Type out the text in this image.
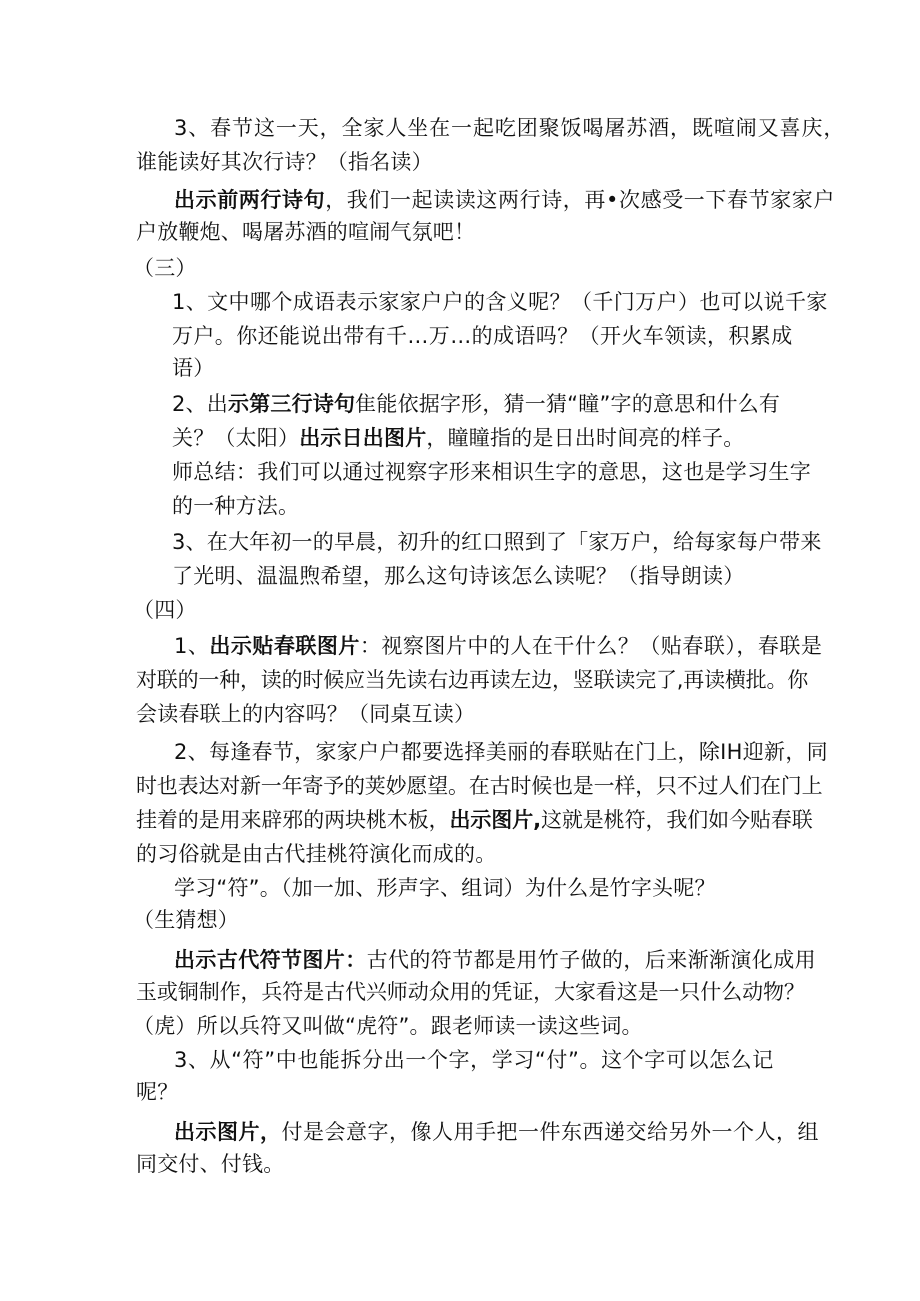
3、春节这一天，全家人坐在一起吃团聚饭喝屠苏酒，既喧闹又喜庆，
谁能读好其次行诗？（指名读）
出示前两行诗句，我们一起读读这两行诗，再•次感受一下春节家家户
户放鞭炮、喝屠苏酒的喧闹气氛吧！
（三）
1、文中哪个成语表示家家户户的含义呢？（千门万户）也可以说千家
万户。你还能说出带有千…万…的成语吗？（开火车领读，积累成
语）
2、出示第三行诗句隹能依据字形，猜一猜“瞳”字的意思和什么有
关？（太阳）出示日出图片，瞳瞳指的是日出时间亮的样子。
师总结：我们可以通过视察字形来相识生字的意思，这也是学习生字
的一种方法。
3、在大年初一的早晨，初升的红口照到了「家万户，给每家每户带来
了光明、温温煦希望，那么这句诗该怎么读呢？（指导朗读）
（四）
1、出示贴春联图片：视察图片中的人在干什么？（贴春联），春联是
对联的一种，读的时候应当先读右边再读左边，竖联读完了,再读横批。你
会读春联上的内容吗？（同桌互读）
2、每逢春节，家家户户都要选择美丽的春联贴在门上，除IH迎新，同
时也表达对新一年寄予的荚妙愿望。在古时候也是一样，只不过人们在门上
挂着的是用来辟邪的两块桃木板，出示图片,这就是桃符，我们如今贴春联
的习俗就是由古代挂桃符演化而成的。
学习“符”。（加一加、形声字、组词）为什么是竹字头呢？
（生猜想）
出示古代符节图片：古代的符节都是用竹子做的，后来渐渐演化成用
玉或铜制作，兵符是古代兴师动众用的凭证，大家看这是一只什么动物？
（虎）所以兵符又叫做“虎符”。跟老师读一读这些词。
3、从“符”中也能拆分出一个字，学习“付”。这个字可以怎么记
呢？
出示图片，付是会意字，像人用手把一件东西递交给另外一个人，组
同交付、付钱。
